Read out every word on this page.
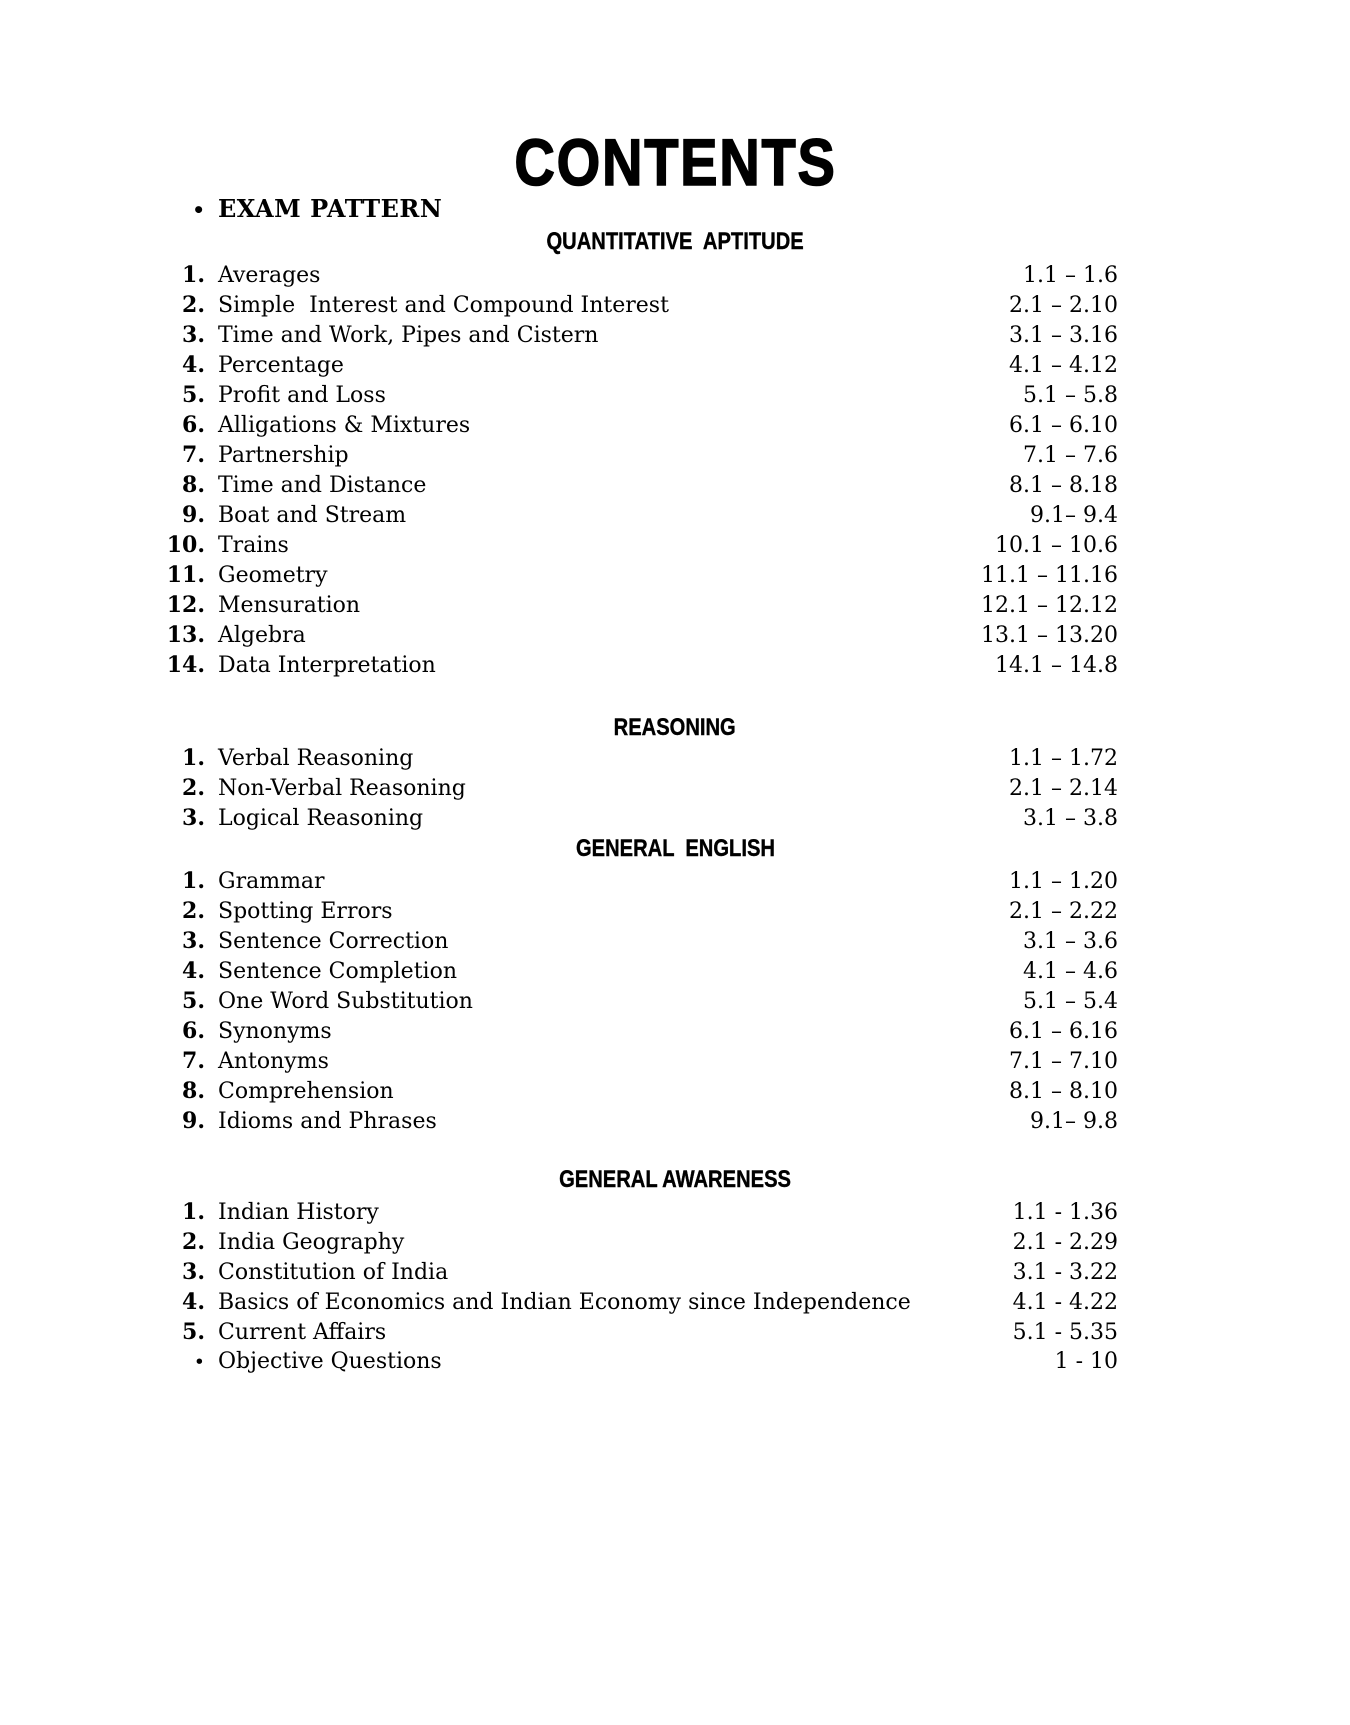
CONTENTS
• EXAM PATTERN
QUANTITATIVE  APTITUDE
1. Averages	1.1 – 1.6
2. Simple  Interest and Compound Interest	2.1 – 2.10
3. Time and Work, Pipes and Cistern	3.1 – 3.16
4. Percentage	4.1 – 4.12
5. Profit and Loss	5.1 – 5.8
6. Alligations & Mixtures	6.1 – 6.10
7. Partnership	7.1 – 7.6
8. Time and Distance	8.1 – 8.18
9. Boat and Stream	9.1– 9.4
10. Trains	10.1 – 10.6
11. Geometry	11.1 – 11.16
12. Mensuration	12.1 – 12.12
13. Algebra	13.1 – 13.20
14. Data Interpretation	14.1 – 14.8
REASONING
1. Verbal Reasoning	1.1 – 1.72
2. Non-Verbal Reasoning	2.1 – 2.14
3. Logical Reasoning	3.1 – 3.8
GENERAL  ENGLISH
1. Grammar	1.1 – 1.20
2. Spotting Errors	2.1 – 2.22
3. Sentence Correction	3.1 – 3.6
4. Sentence Completion	4.1 – 4.6
5. One Word Substitution	5.1 – 5.4
6. Synonyms	6.1 – 6.16
7. Antonyms	7.1 – 7.10
8. Comprehension	8.1 – 8.10
9. Idioms and Phrases	9.1– 9.8
GENERAL AWARENESS
1. Indian History	1.1 - 1.36
2. India Geography	2.1 - 2.29
3. Constitution of India	3.1 - 3.22
4. Basics of Economics and Indian Economy since Independence	4.1 - 4.22
5. Current Affairs	5.1 - 5.35
• Objective Questions	1 - 10
